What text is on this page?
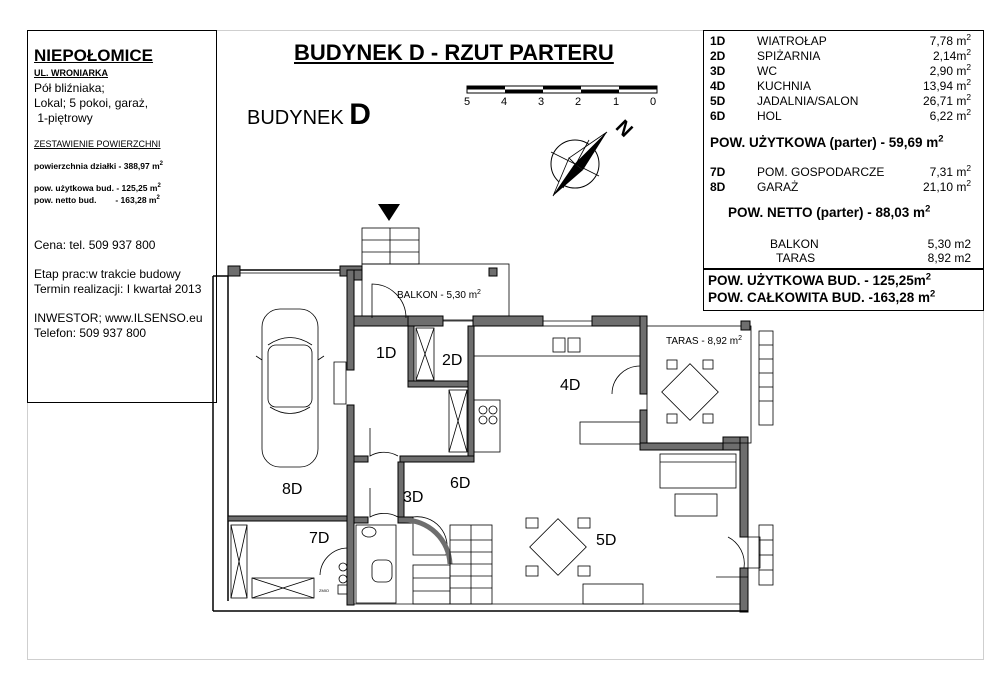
BUDYNEK D - RZUT PARTERU
BUDYNEK D	5	4	3	2	1	0
N
NIEPOŁOMICE
UL. WRONIARKA
Pół bliźniaka;
Lokal; 5 pokoi, garaż,
1-piętrowy
ZESTAWIENIE POWIERZCHNI
powierzchnia działki - 388,97 $m^2$
pow. użytkowa bud. - 125,25 $m^2$
pow. netto bud.        - 163,28 $m^2$
Cena: tel. 509 937 800
Etap prac:w trakcie budowy
Termin realizacji: I kwartał 2013
INWESTOR; www.ILSENSO.eu
Telefon: 509 937 800
1D	WIATROŁAP	7,78 $m^2$
2D	SPIŻARNIA	$2,14m^2$
3D	WC	2,90 $m^2$
4D	KUCHNIA	13,94 $m^2$
5D	JADALNIA/SALON	26,71 $m^2$
6D	HOL	6,22 $m^2$
POW. UŻYTKOWA (parter) - 59,69 $m^2$
7D	POM. GOSPODARCZE	7,31 $m^2$
8D	GARAŻ	21,10 $m^2$
POW. NETTO (parter) - 88,03 $m^2$
BALKON	5,30 m2
TARAS	8,92 m2
POW. UŻYTKOWA BUD. - $125,25m^2$
POW. CAŁKOWITA BUD. -163,28 $m^2$
1D	2D
3D
4D
5D
6D
7D
8D
BALKON - 5,30 $m^2$
TARAS - 8,92 $m^2$
ZMIO
